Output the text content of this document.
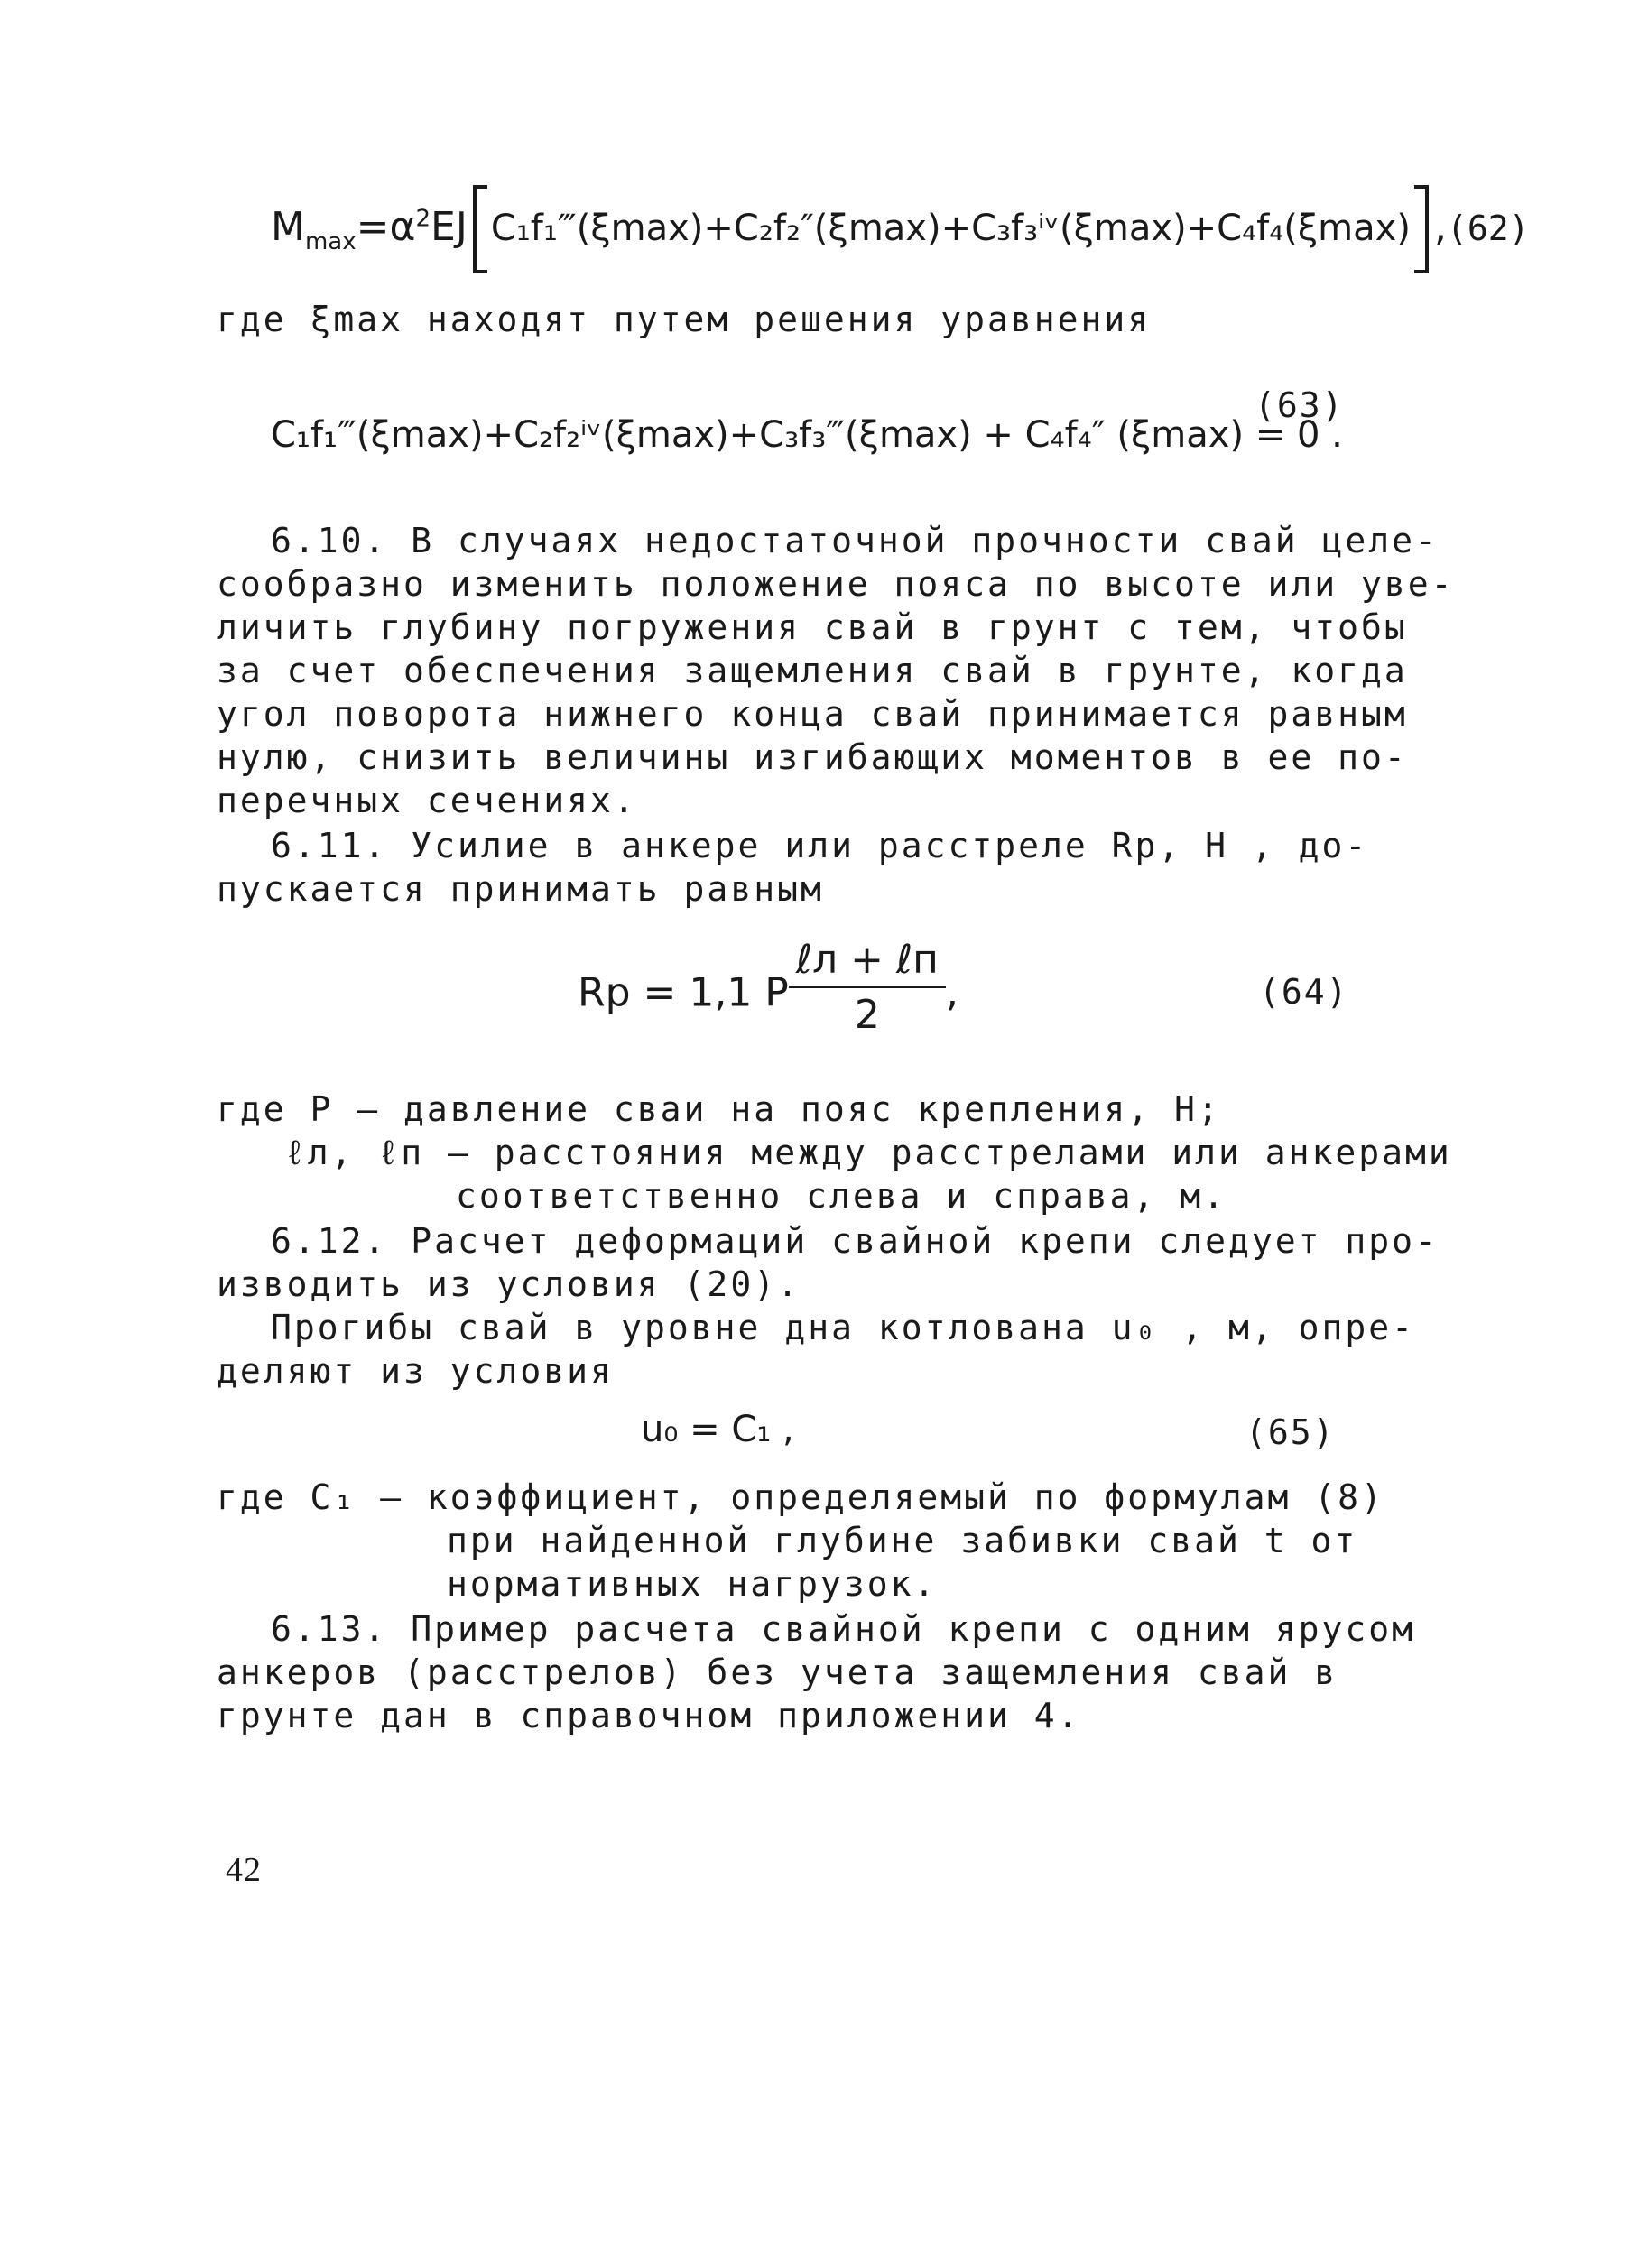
$M_{max}=\alpha^2EJ$ C₁f₁‴(ξmax)+C₂f₂″(ξmax)+C₃f₃ⁱᵛ(ξmax)+C₄f₄(ξmax) ,(62)
где ξmax находят путем решения уравнения
C₁f₁‴(ξmax)+C₂f₂ⁱᵛ(ξmax)+C₃f₃‴(ξmax) + C₄f₄″ (ξmax) = 0 .
(63)
6.10. В случаях недостаточной прочности свай целе-
сообразно изменить положение пояса по высоте или уве-
личить глубину погружения свай в грунт с тем, чтобы
за счет обеспечения защемления свай в грунте, когда
угол поворота нижнего конца свай принимается равным
нулю, снизить величины изгибающих моментов в ее по-
перечных сечениях.
6.11. Усилие в анкере или расстреле Rр, H , до-
пускается принимать равным
Rр = 1,1 P $\frac{\text{ℓл + ℓп}}{2}$ ,	(64)
где P – давление сваи на пояс крепления, Н;
ℓл, ℓп – расстояния между расстрелами или анкерами
соответственно слева и справа, м.
6.12. Расчет деформаций свайной крепи следует про-
изводить из условия (20).
Прогибы свай в уровне дна котлована u₀ , м, опре-
деляют из условия
u₀ = C₁ ,	(65)
где C₁ – коэффициент, определяемый по формулам (8)
при найденной глубине забивки свай t от
нормативных нагрузок.
6.13. Пример расчета свайной крепи с одним ярусом
анкеров (расстрелов) без учета защемления свай в
грунте дан в справочном приложении 4.
42
